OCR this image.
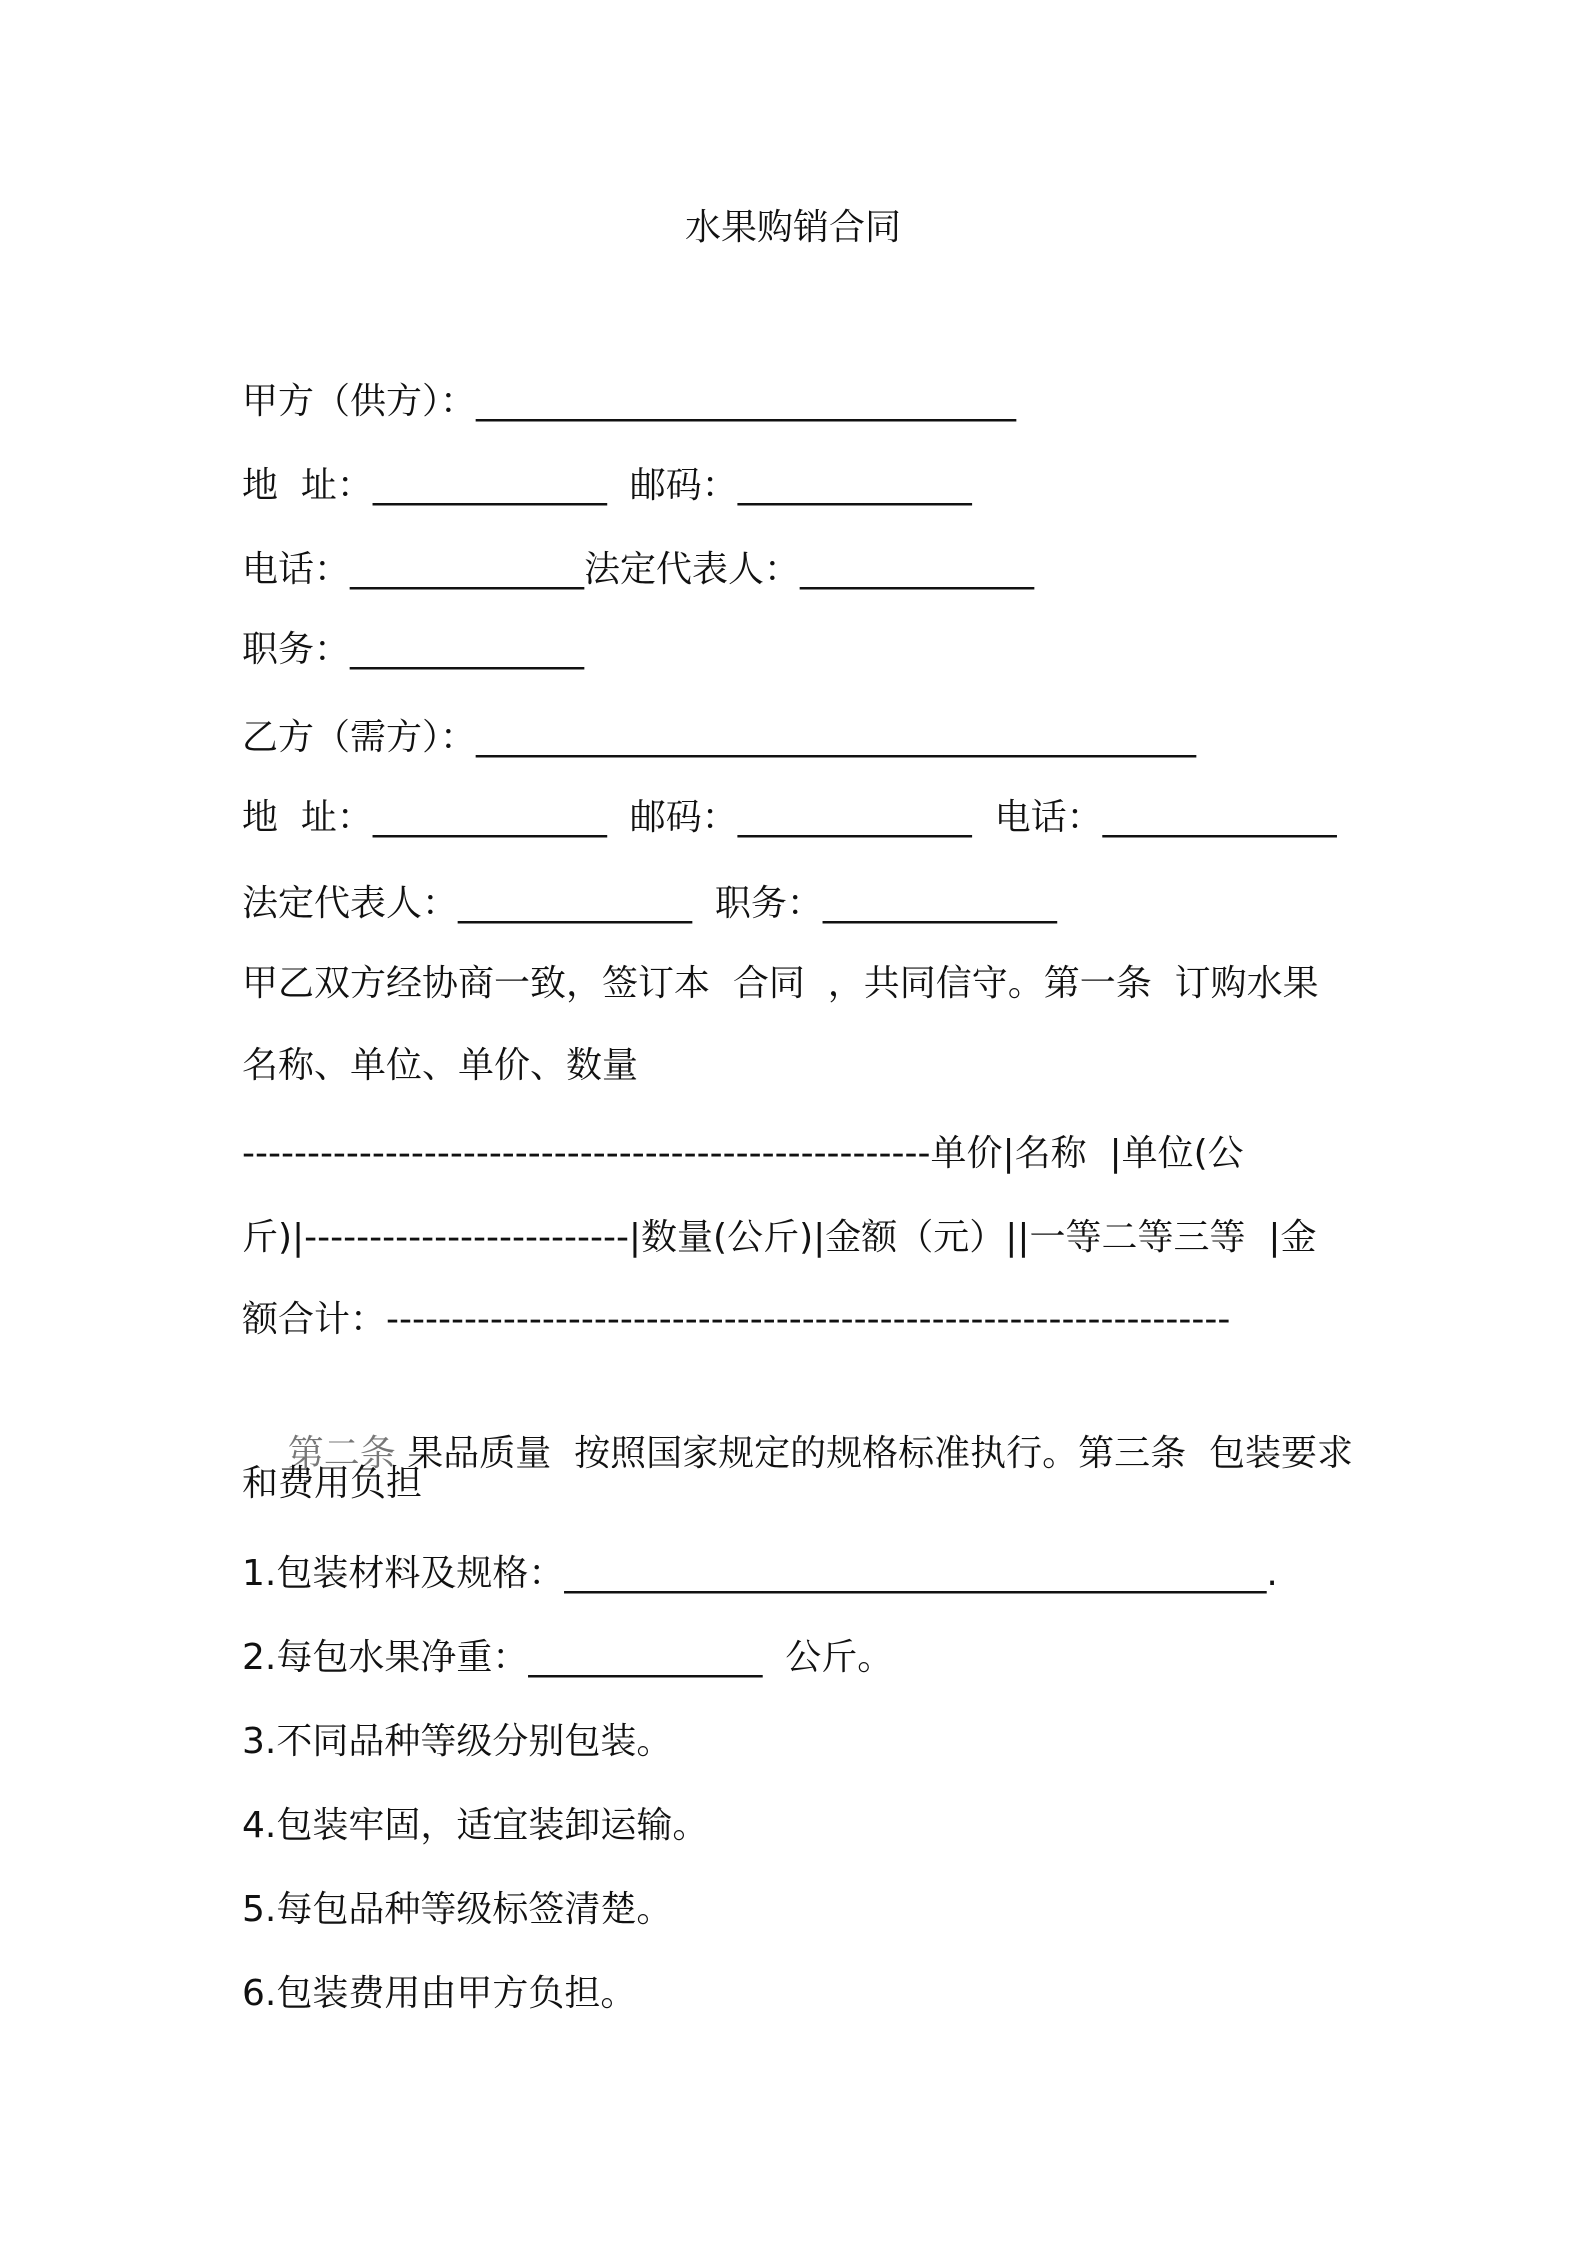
水果购销合同
甲方（供方）：______________________________
地  址：_____________  邮码：_____________
电话：_____________法定代表人：_____________
职务：_____________
乙方（需方）：________________________________________
地  址：_____________  邮码：_____________  电话：_____________
法定代表人：_____________  职务：_____________
甲乙双方经协商一致，签订本  合同  ，共同信守。第一条  订购水果
名称、单位、单价、数量
-----------------------------------------------------单价|名称  |单位(公
斤)|-------------------------|数量(公斤)|金额（元）||一等二等三等  |金
额合计：-----------------------------------------------------------------

第二条 果品质量  按照国家规定的规格标准执行。第三条  包装要求

和费用负担
1.包装材料及规格：_______________________________________.
2.每包水果净重：_____________  公斤。
3.不同品种等级分别包装。
4.包装牢固，适宜装卸运输。
5.每包品种等级标签清楚。
6.包装费用由甲方负担。
